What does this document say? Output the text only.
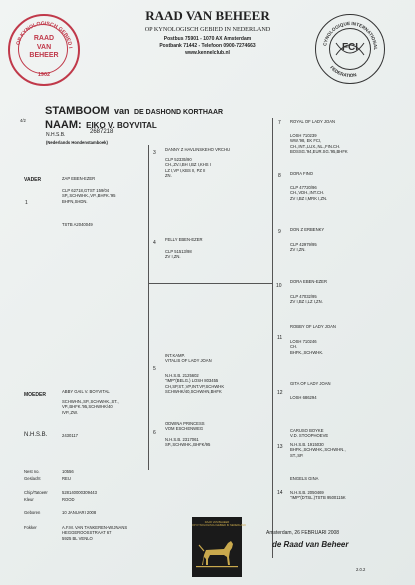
OP KYNOLOGISCH GEBIED I
RAAD
VAN
BEHEER
1902
CYNOLOGIQUE INTERNATIONAL
FEDERATION
FCI
RAAD VAN BEHEER
OP KYNOLOGISCH GEBIED IN NEDERLAND
Postbus 75901 - 1070 AX Amsterdam
Postbank 71442 - Telefoon 0900-7274663
www.kennelclub.nl
4/2
STAMBOOM van DE DASHOND KORTHAAR
NAAM: EIKO V. BOYVITAL
N.H.S.B.	2687218
(Nederlands Hondenstamboek)
VADER	ZAP EBEN-EZER
CLP 62718,GTST 159/04
SP,,SCHWHK.,VP.,BHFK.'95
BHFN,SHDN.
1
TSTB A2040049
MOEDER
ABBY GAIL V. BOYVITAL
SCHWHN.,SP.,SCHWHK.,ST.,
VP.,BHFK.'95,SCHWHK/40
IVP.,ZW.
N.H.S.B.	2430117
3
DANNY Z HAVLINSKEHO VRCHU
CLP 52335/90
CH.,ZV.I,BH I,BZ I,KHS I
LZ I,VP I,KBS II, PZ II
ZN.
4
FELLY EBEN-EZER
CLP 51513/98
ZV I,ZN.
5
INT.KAMP.
VITALIS OF LADY JOAN
N.H.S.B. 2125602
"IMP"(BELG.) LOSH 803455
CH,SP,ST.,VP,INT.VP,SCHWHK
SCHWHK/40,SCHWHN,BHFK
6
ODWINA PRINCESS
VOM ESCHENWEG
N.H.S.B. 2317061
SP.,SCHWHK.,BHFK/95
7 ROYAL OF LADY JOAN
LOSH 710239
WW.'98, EK FCI,
CH.,INT.,LUX.,NL.,FIN.CH.
BOSSG.'94,EUR.SG.'95,BHFK
8 DORA FINO
CLP 47720/96
CH.,VDH.,INT.CH.
ZV I,BZ I,MRK I,ZN.
9 DON Z ERBENKY
CLP 42979/95
ZV I,ZN.
10
DORA EBEN-EZER
CLP 47032/95
ZV I,BZ I,LZ I,ZN.
11
ROBBY OF LADY JOAN
LOSH 710246
CH.
BHFK.,SCHWHK.
12
GITA OF LADY JOAN
LOSH 686294
13
CARUSO BOYKE
V.D. STOOPHOEVE
N.H.S.B. 1915030
BHFK.,SCHWHK.,SCHWHN.,
ST.,SP.
14
ENGELS GINA
N.H.S.B. 2050469
"IMP"(DTSL.)TSTB 9500115K
Nest no.	10556
Geslacht	REU
Chip/Tatoeër	528140000309443
Kleur	ROOD
Geboren	10 JANUARI 2008
Fokker	A.F.M. VAN TANKEREN-WIJNANS
HEGGEROOSSTRAAT 67
5925 BL VENLO
RAAD VAN BEHEER
OP KYNOLOGISCH GEBIED IN NEDERLAND
Amsterdam, 26 FEBRUARI 2008
de Raad van Beheer
2.0.2
